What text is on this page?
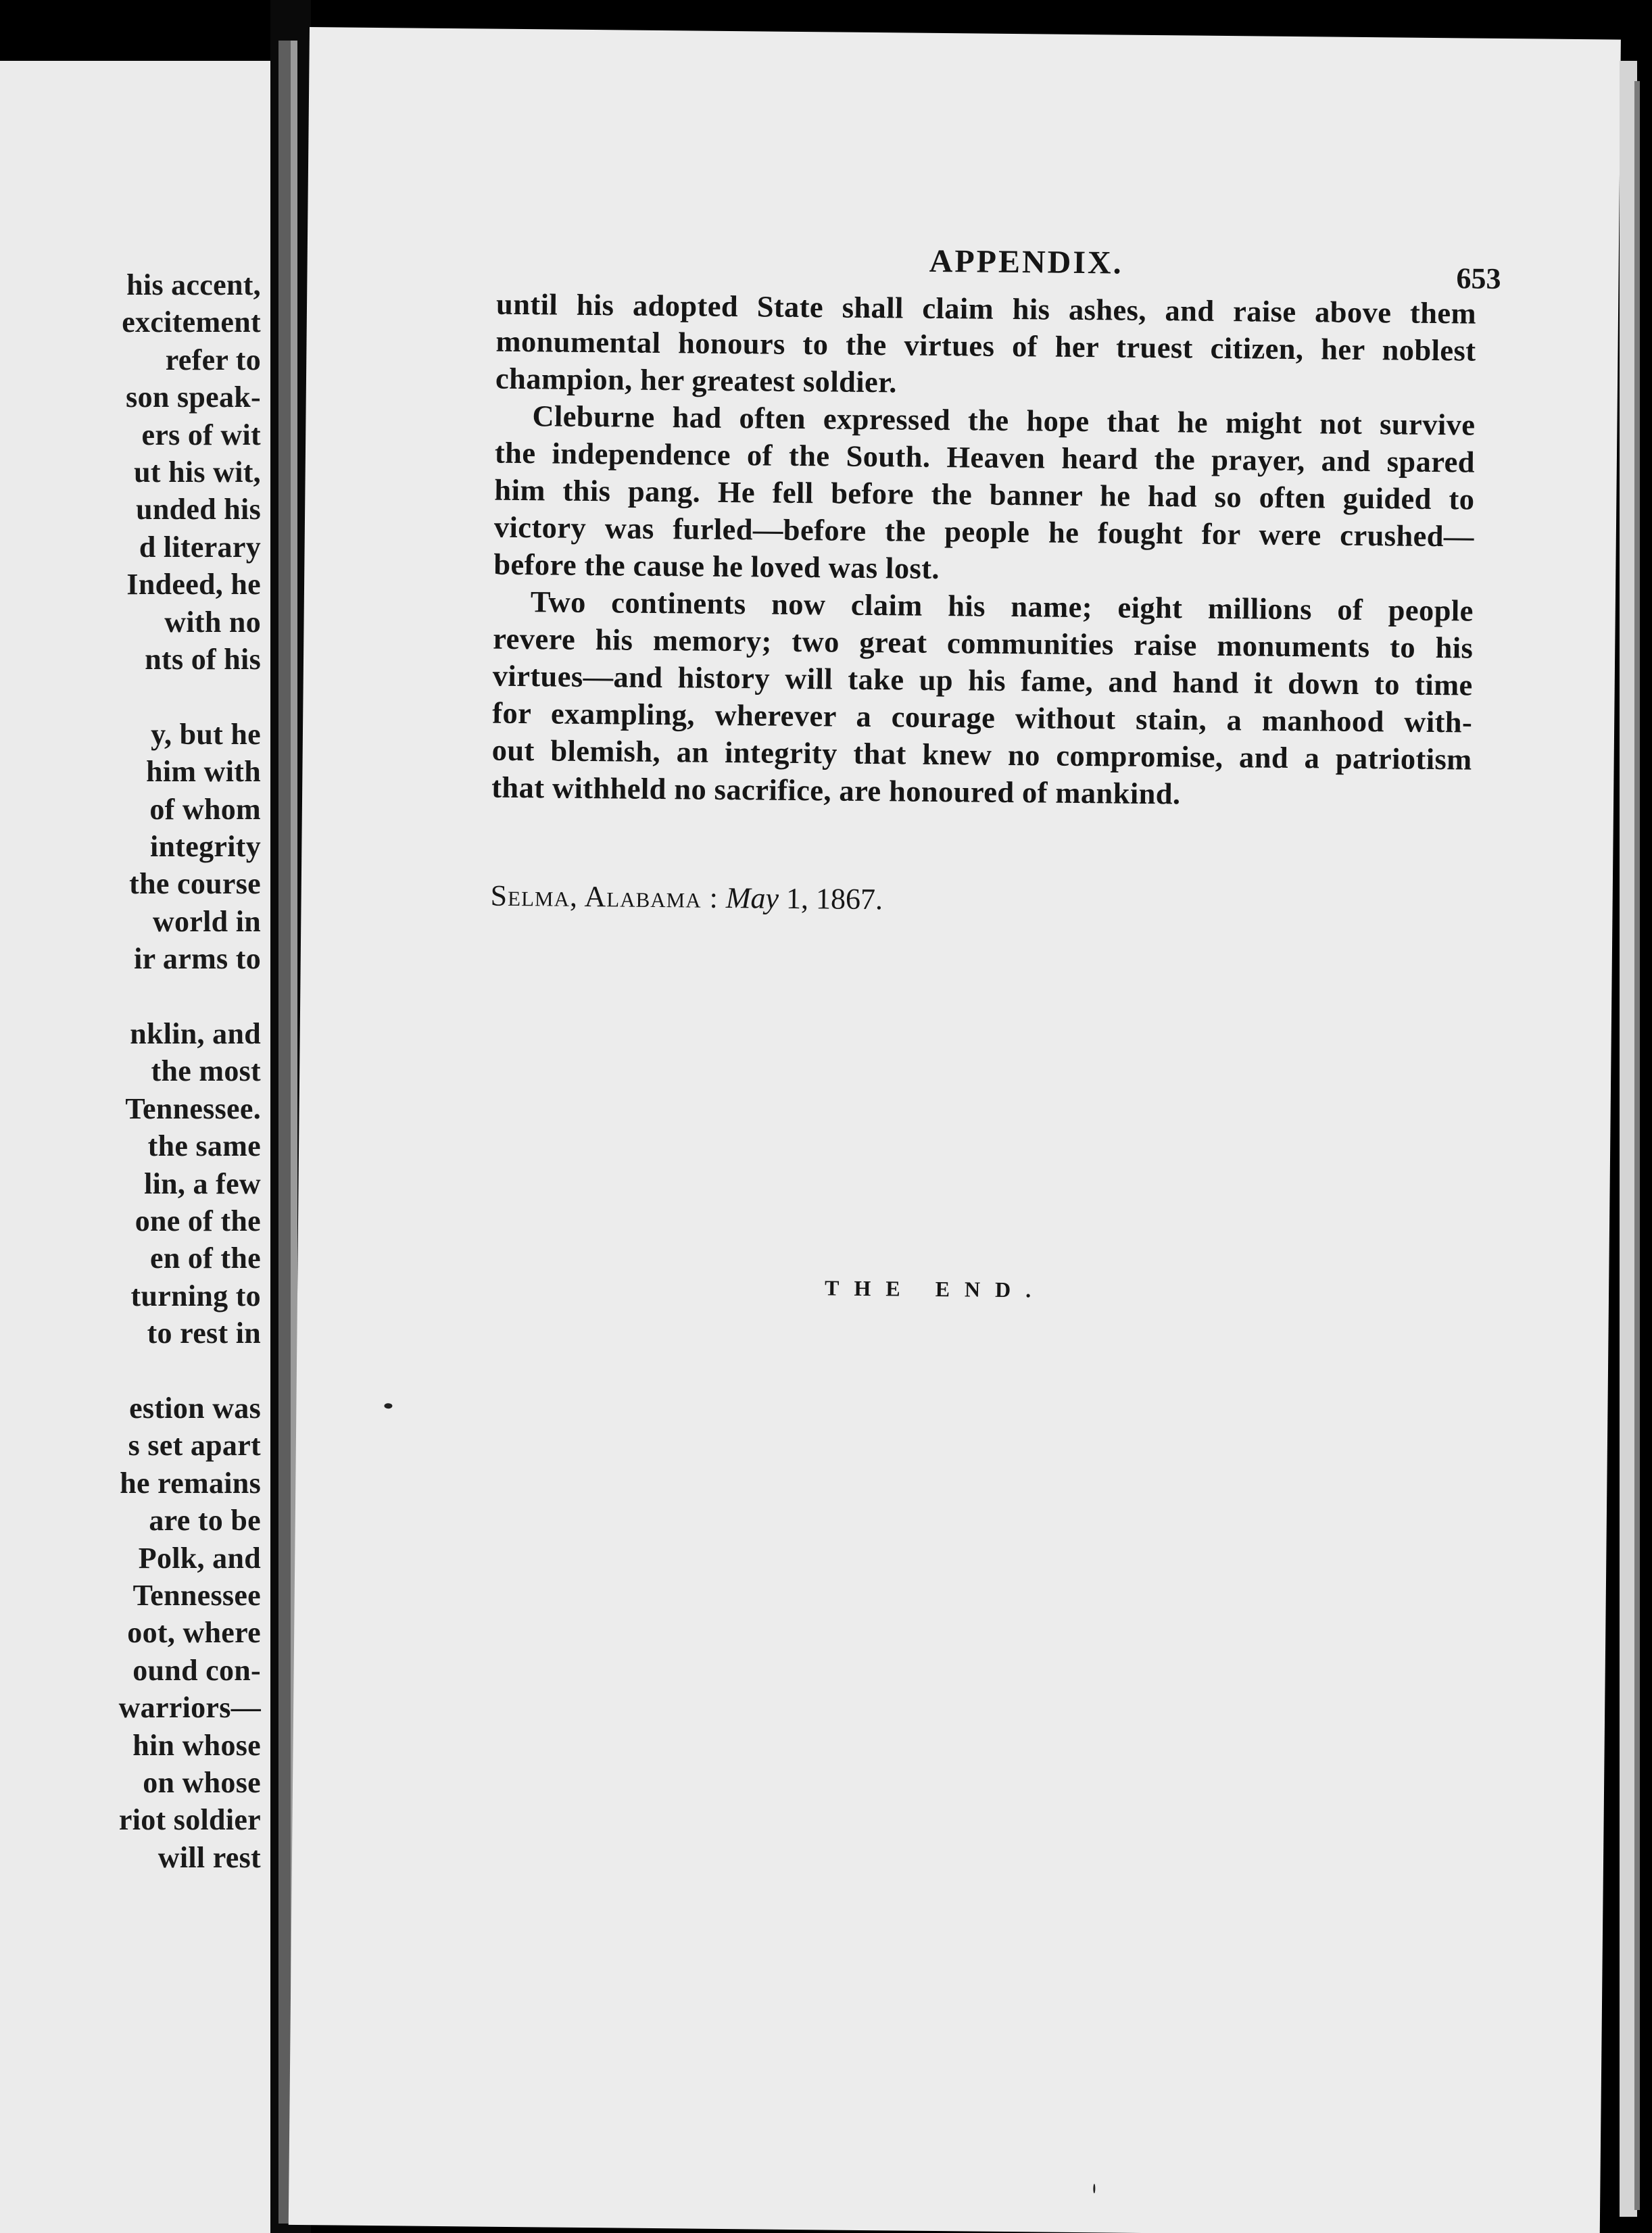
his accent,
excitement
refer to
son speak-
ers of wit
ut his wit,
unded his
d literary
Indeed, he
with no
nts of his
y, but he
him with
of whom
integrity
the course
world in
ir arms to
nklin, and
the most
Tennessee.
the same
lin, a few
one of the
en of the
turning to
to rest in
estion was
s set apart
he remains
are to be
Polk, and
Tennessee
oot, where
ound con-
warriors—
hin whose
on whose
riot soldier
will rest
APPENDIX.	653
until his adopted State shall claim his ashes, and raise above them
monumental honours to the virtues of her truest citizen, her noblest
champion, her greatest soldier.
Cleburne had often expressed the hope that he might not survive
the independence of the South. Heaven heard the prayer, and spared
him this pang. He fell before the banner he had so often guided to
victory was furled—before the people he fought for were crushed—
before the cause he loved was lost.
Two continents now claim his name; eight millions of people
revere his memory; two great communities raise monuments to his
virtues—and history will take up his fame, and hand it down to time
for exampling, wherever a courage without stain, a manhood with-
out blemish, an integrity that knew no compromise, and a patriotism
that withheld no sacrifice, are honoured of mankind.
Selma, Alabama : May 1, 1867.
THE END.
